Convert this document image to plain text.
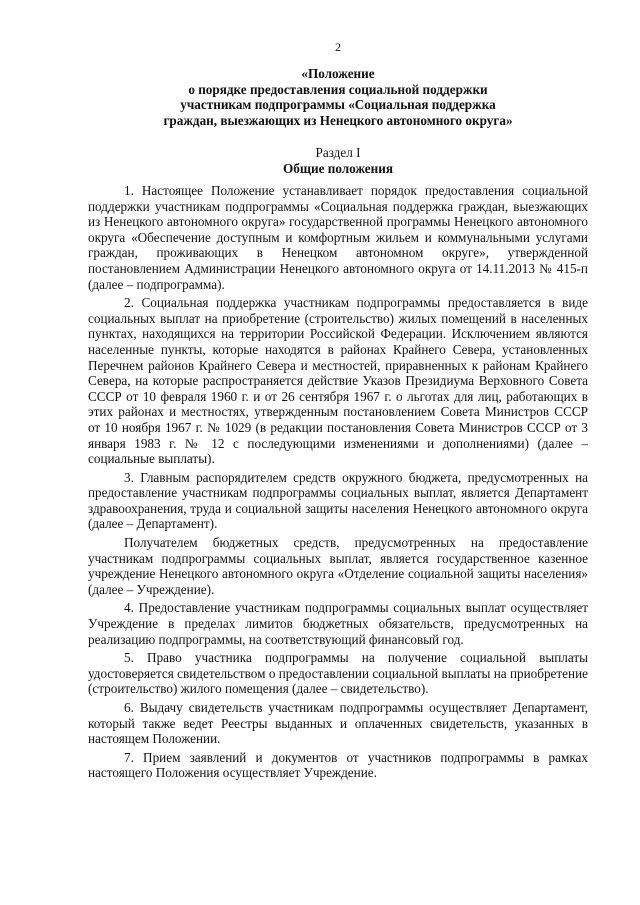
2
«Положение
о порядке предоставления социальной поддержки
участникам подпрограммы «Социальная поддержка
граждан, выезжающих из Ненецкого автономного округа»
Раздел I
Общие положения

1. Настоящее Положение устанавливает порядок предоставления социальной поддержки участникам подпрограммы «Социальная поддержка граждан, выезжающих из Ненецкого автономного округа» государственной программы Ненецкого автономного округа «Обеспечение доступным и комфортным жильем и коммунальными услугами граждан, проживающих в Ненецком автономном округе», утвержденной постановлением Администрации Ненецкого автономного округа от 14.11.2013 № 415-п (далее – подпрограмма).

2. Социальная поддержка участникам подпрограммы предоставляется в виде социальных выплат на приобретение (строительство) жилых помещений в населенных пунктах, находящихся на территории Российской Федерации. Исключением являются населенные пункты, которые находятся в районах Крайнего Севера, установленных Перечнем районов Крайнего Севера и местностей, приравненных к районам Крайнего Севера, на которые распространяется действие Указов Президиума Верховного Совета СССР от 10 февраля 1960 г. и от 26 сентября 1967 г. о льготах для лиц, работающих в этих районах и местностях, утвержденным постановлением Совета Министров СССР от 10 ноября 1967 г. № 1029 (в редакции постановления Совета Министров СССР от 3 января 1983 г. № 12 с последующими изменениями и дополнениями) (далее – социальные выплаты).

3. Главным распорядителем средств окружного бюджета, предусмотренных на предоставление участникам подпрограммы социальных выплат, является Департамент здравоохранения, труда и социальной защиты населения Ненецкого автономного округа (далее – Департамент).

Получателем бюджетных средств, предусмотренных на предоставление участникам подпрограммы социальных выплат, является государственное казенное учреждение Ненецкого автономного округа «Отделение социальной защиты населения» (далее – Учреждение).

4. Предоставление участникам подпрограммы социальных выплат осуществляет Учреждение в пределах лимитов бюджетных обязательств, предусмотренных на реализацию подпрограммы, на соответствующий финансовый год.

5. Право участника подпрограммы на получение социальной выплаты удостоверяется свидетельством о предоставлении социальной выплаты на приобретение (строительство) жилого помещения (далее – свидетельство).

6. Выдачу свидетельств участникам подпрограммы осуществляет Департамент, который также ведет Реестры выданных и оплаченных свидетельств, указанных в настоящем Положении.

7. Прием заявлений и документов от участников подпрограммы в рамках настоящего Положения осуществляет Учреждение.
